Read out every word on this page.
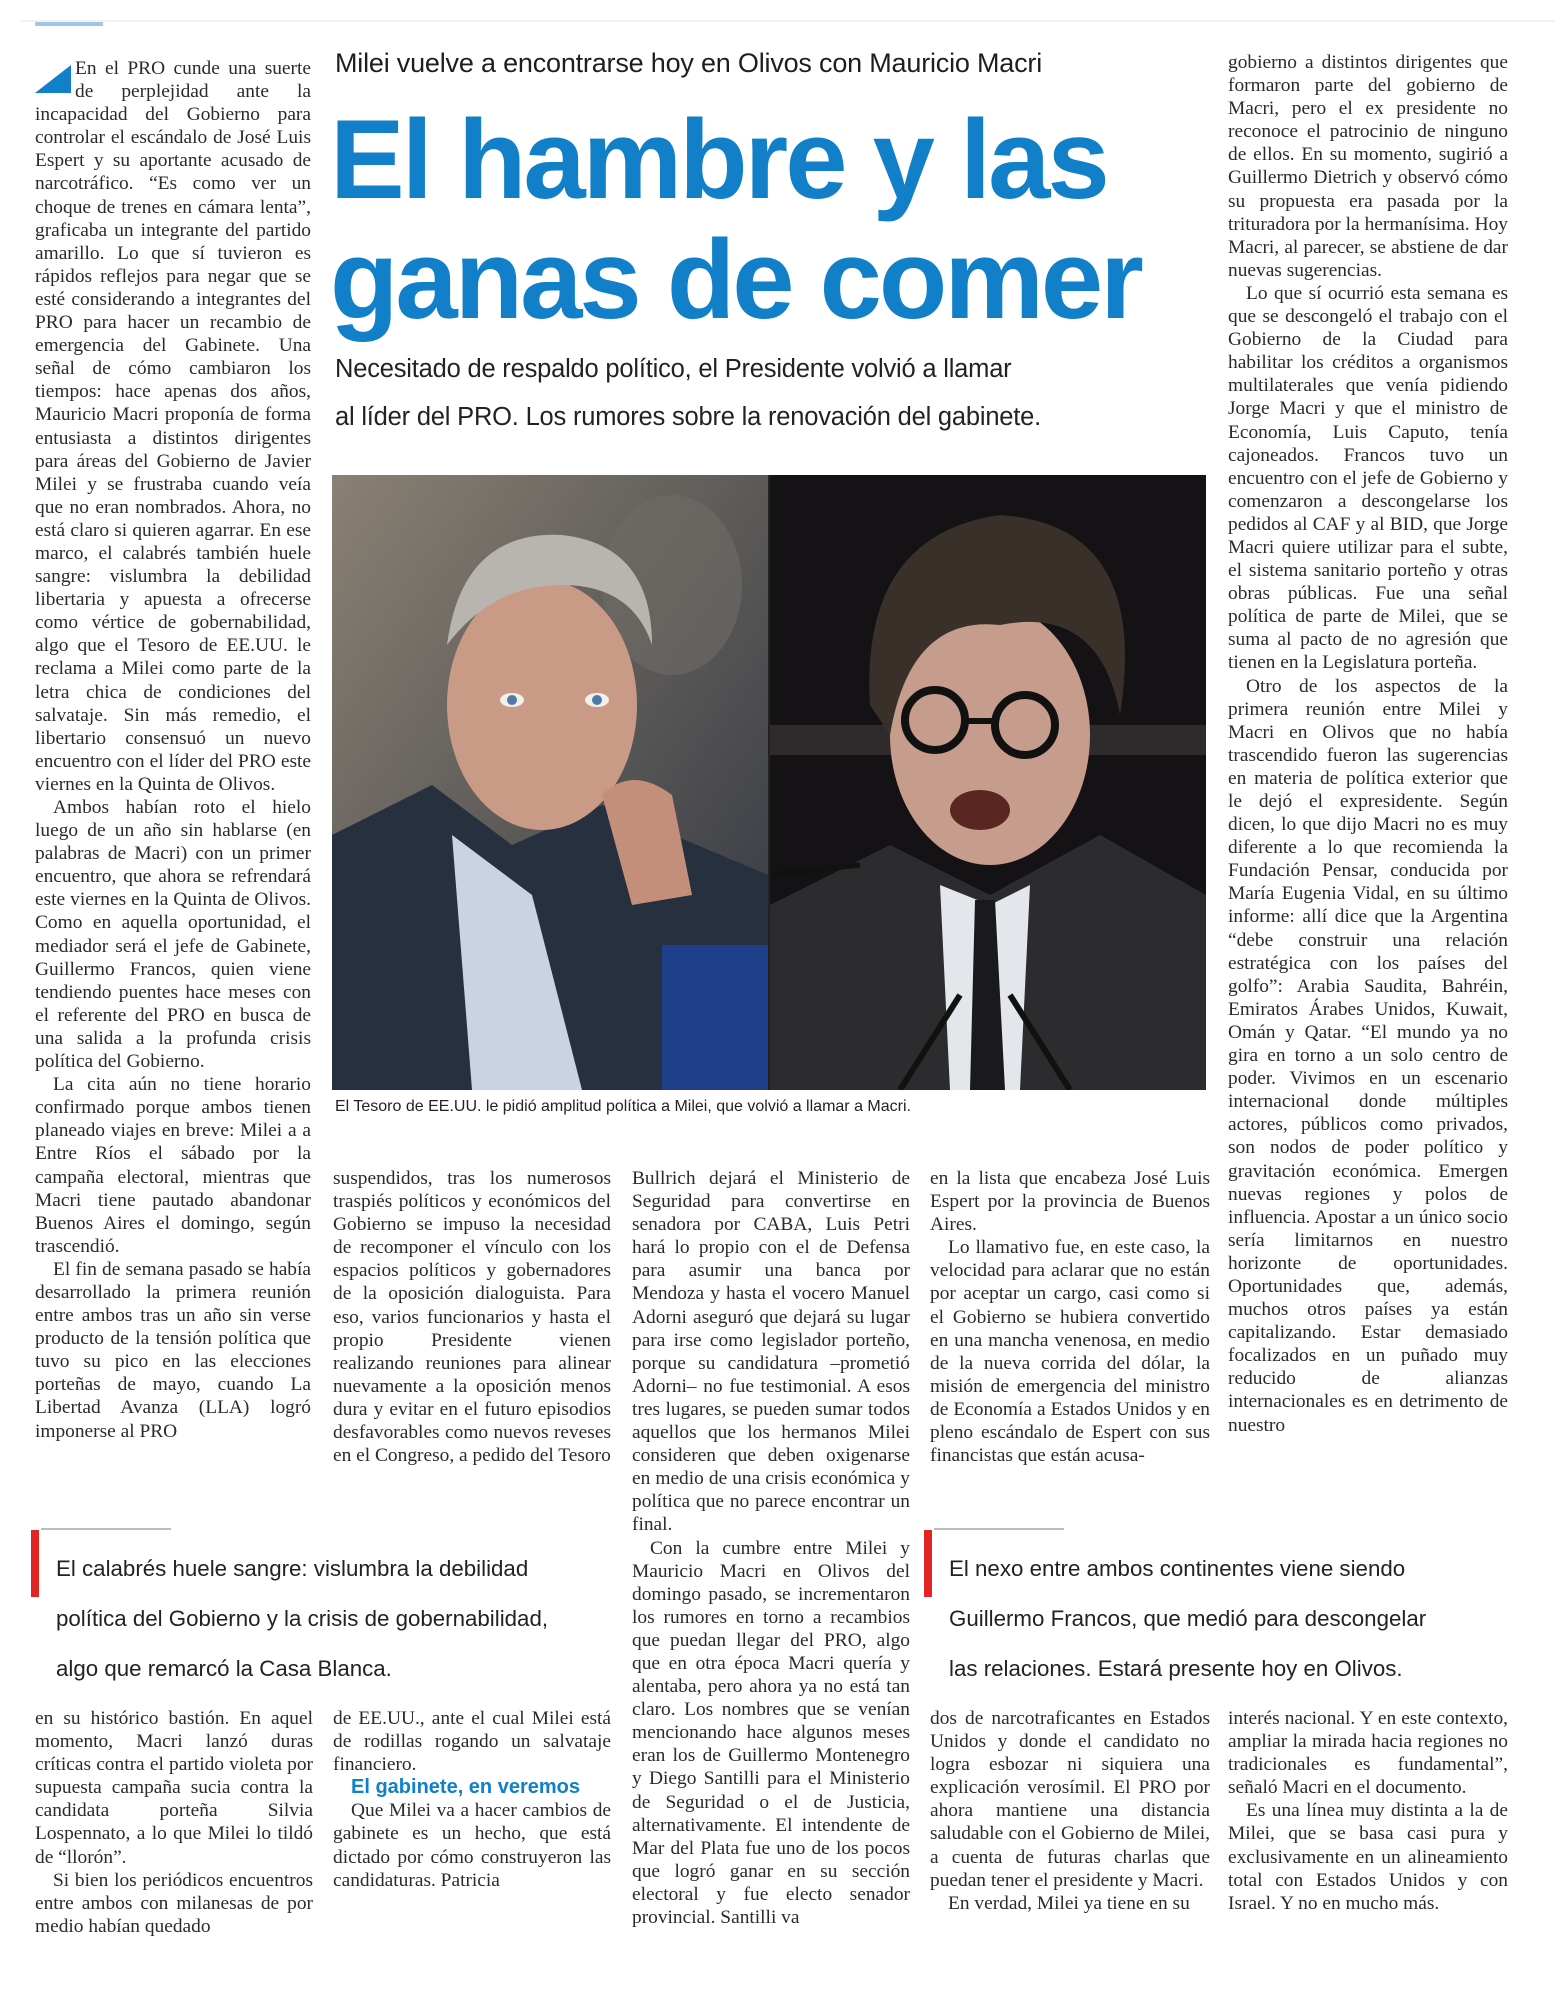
En el PRO cunde una suerte de perplejidad ante la incapacidad del Gobierno para controlar el escándalo de José Luis Espert y su aportante acusado de narcotráfico. “Es como ver un choque de trenes en cámara lenta”, graficaba un integrante del partido amarillo. Lo que sí tuvieron es rápidos reflejos para negar que se esté considerando a integrantes del PRO para hacer un recambio de emergencia del Gabinete. Una señal de cómo cambiaron los tiempos: hace apenas dos años, Mauricio Macri proponía de forma entusiasta a distintos dirigentes para áreas del Gobierno de Javier Milei y se frustraba cuando veía que no eran nombrados. Ahora, no está claro si quieren agarrar. En ese marco, el calabrés también huele sangre: vislumbra la debilidad libertaria y apuesta a ofrecerse como vértice de gobernabilidad, algo que el Tesoro de EE.UU. le reclama a Milei como parte de la letra chica de condiciones del salvataje. Sin más remedio, el libertario consensuó un nuevo encuentro con el líder del PRO este viernes en la Quinta de Olivos.

Ambos habían roto el hielo luego de un año sin hablarse (en palabras de Macri) con un primer encuentro, que ahora se refrendará este viernes en la Quinta de Olivos. Como en aquella oportunidad, el mediador será el jefe de Gabinete, Guillermo Francos, quien viene tendiendo puentes hace meses con el referente del PRO en busca de una salida a la profunda crisis política del Gobierno.

La cita aún no tiene horario confirmado porque ambos tienen planeado viajes en breve: Milei a a Entre Ríos el sábado por la campaña electoral, mientras que Macri tiene pautado abandonar Buenos Aires el domingo, según trascendió.

El fin de semana pasado se había desarrollado la primera reunión entre ambos tras un año sin verse producto de la tensión política que tuvo su pico en las elecciones porteñas de mayo, cuando La Libertad Avanza (LLA) logró imponerse al PRO

Milei vuelve a encontrarse hoy en Olivos con Mauricio Macri
El hambre y las
ganas de comer
Necesitado de respaldo político, el Presidente volvió a llamar
al líder del PRO. Los rumores sobre la renovación del gabinete.
El Tesoro de EE.UU. le pidió amplitud política a Milei, que volvió a llamar a Macri.

suspendidos, tras los numerosos traspiés políticos y económicos del Gobierno se impuso la necesidad de recomponer el vínculo con los espacios políticos y gobernadores de la oposición dialoguista. Para eso, varios funcionarios y hasta el propio Presidente vienen realizando reuniones para alinear nuevamente a la oposición menos dura y evitar en el futuro episodios desfavorables como nuevos reveses en el Congreso, a pedido del Tesoro

Bullrich dejará el Ministerio de Seguridad para convertirse en senadora por CABA, Luis Petri hará lo propio con el de Defensa para asumir una banca por Mendoza y hasta el vocero Manuel Adorni aseguró que dejará su lugar para irse como legislador porteño, porque su candidatura –prometió Adorni– no fue testimonial. A esos tres lugares, se pueden sumar todos aquellos que los hermanos Milei consideren que deben oxigenarse en medio de una crisis económica y política que no parece encontrar un final.

Con la cumbre entre Milei y Mauricio Macri en Olivos del domingo pasado, se incrementaron los rumores en torno a recambios que puedan llegar del PRO, algo que en otra época Macri quería y alentaba, pero ahora ya no está tan claro. Los nombres que se venían mencionando hace algunos meses eran los de Guillermo Montenegro y Diego Santilli para el Ministerio de Seguridad o el de Justicia, alternativamente. El intendente de Mar del Plata fue uno de los pocos que logró ganar en su sección electoral y fue electo senador provincial. Santilli va

en la lista que encabeza José Luis Espert por la provincia de Buenos Aires.

Lo llamativo fue, en este caso, la velocidad para aclarar que no están por aceptar un cargo, casi como si el Gobierno se hubiera convertido en una mancha venenosa, en medio de la nueva corrida del dólar, la misión de emergencia del ministro de Economía a Estados Unidos y en pleno escándalo de Espert con sus financistas que están acusa-

gobierno a distintos dirigentes que formaron parte del gobierno de Macri, pero el ex presidente no reconoce el patrocinio de ninguno de ellos. En su momento, sugirió a Guillermo Dietrich y observó cómo su propuesta era pasada por la trituradora por la hermanísima. Hoy Macri, al parecer, se abstiene de dar nuevas sugerencias.

Lo que sí ocurrió esta semana es que se descongeló el trabajo con el Gobierno de la Ciudad para habilitar los créditos a organismos multilaterales que venía pidiendo Jorge Macri y que el ministro de Economía, Luis Caputo, tenía cajoneados. Francos tuvo un encuentro con el jefe de Gobierno y comenzaron a descongelarse los pedidos al CAF y al BID, que Jorge Macri quiere utilizar para el subte, el sistema sanitario porteño y otras obras públicas. Fue una señal política de parte de Milei, que se suma al pacto de no agresión que tienen en la Legislatura porteña.

Otro de los aspectos de la primera reunión entre Milei y Macri en Olivos que no había trascendido fueron las sugerencias en materia de política exterior que le dejó el expresidente. Según dicen, lo que dijo Macri no es muy diferente a lo que recomienda la Fundación Pensar, conducida por María Eugenia Vidal, en su último informe: allí dice que la Argentina “debe construir una relación estratégica con los países del golfo”: Arabia Saudita, Bahréin, Emiratos Árabes Unidos, Kuwait, Omán y Qatar. “El mundo ya no gira en torno a un solo centro de poder. Vivimos en un escenario internacional donde múltiples actores, públicos como privados, son nodos de poder político y gravitación económica. Emergen nuevas regiones y polos de influencia. Apostar a un único socio sería limitarnos en nuestro horizonte de oportunidades. Oportunidades que, además, muchos otros países ya están capitalizando. Estar demasiado focalizados en un puñado muy reducido de alianzas internacionales es en detrimento de nuestro

El calabrés huele sangre: vislumbra la debilidad
política del Gobierno y la crisis de gobernabilidad,
algo que remarcó la Casa Blanca.
El nexo entre ambos continentes viene siendo
Guillermo Francos, que medió para descongelar
las relaciones. Estará presente hoy en Olivos.

en su histórico bastión. En aquel momento, Macri lanzó duras críticas contra el partido violeta por supuesta campaña sucia contra la candidata porteña Silvia Lospennato, a lo que Milei lo tildó de “llorón”.

Si bien los periódicos encuentros entre ambos con milanesas de por medio habían quedado

de EE.UU., ante el cual Milei está de rodillas rogando un salvataje financiero.

El gabinete, en veremos

Que Milei va a hacer cambios de gabinete es un hecho, que está dictado por cómo construyeron las candidaturas. Patricia

dos de narcotraficantes en Estados Unidos y donde el candidato no logra esbozar ni siquiera una explicación verosímil. El PRO por ahora mantiene una distancia saludable con el Gobierno de Milei, a cuenta de futuras charlas que puedan tener el presidente y Macri.

En verdad, Milei ya tiene en su

interés nacional. Y en este contexto, ampliar la mirada hacia regiones no tradicionales es fundamental”, señaló Macri en el documento.

Es una línea muy distinta a la de Milei, que se basa casi pura y exclusivamente en un alineamiento total con Estados Unidos y con Israel. Y no en mucho más.
